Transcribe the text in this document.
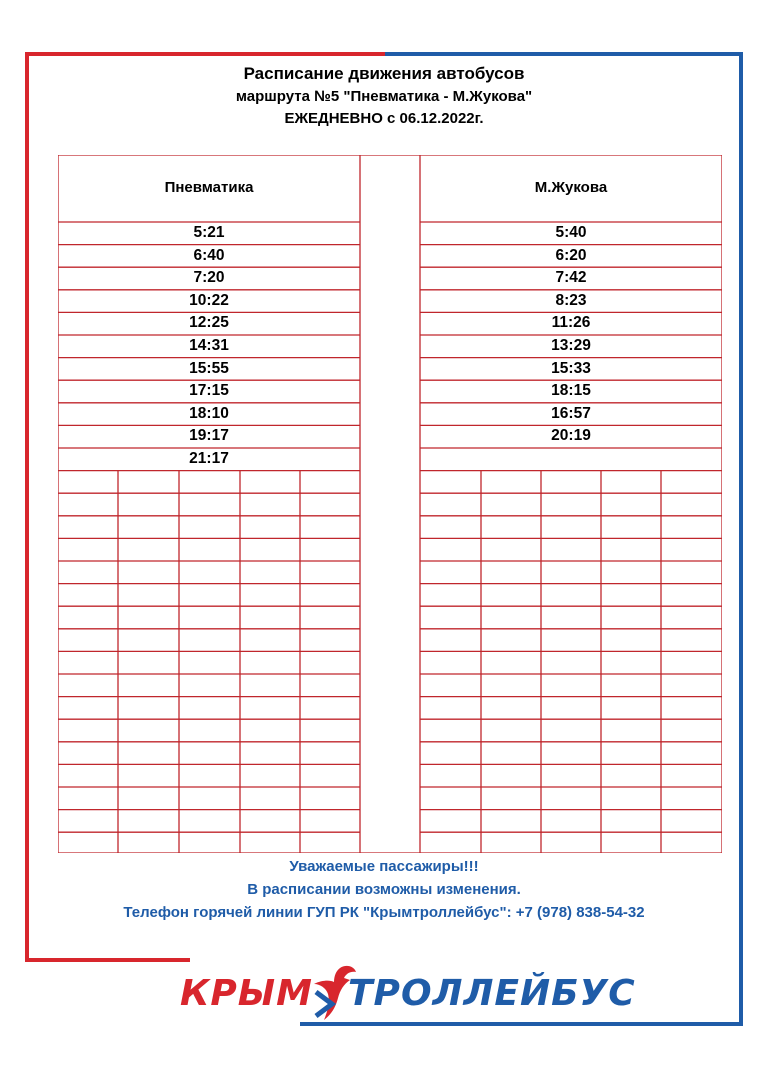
Расписание движения автобусов
маршрута №5 "Пневматика - М.Жукова"
ЕЖЕДНЕВНО с 06.12.2022г.
Пневматика	М.Жукова
5:21
6:40
7:20
10:22
12:25
14:31
15:55
17:15
18:10
19:17
21:17
5:40
6:20
7:42
8:23
11:26
13:29
15:33
18:15
16:57
20:19
Уважаемые пассажиры!!!
В расписании возможны изменения.
Телефон горячей линии ГУП РК "Крымтроллейбус": +7 (978) 838-54-32
КРЫМ ТРОЛЛЕЙБУС
